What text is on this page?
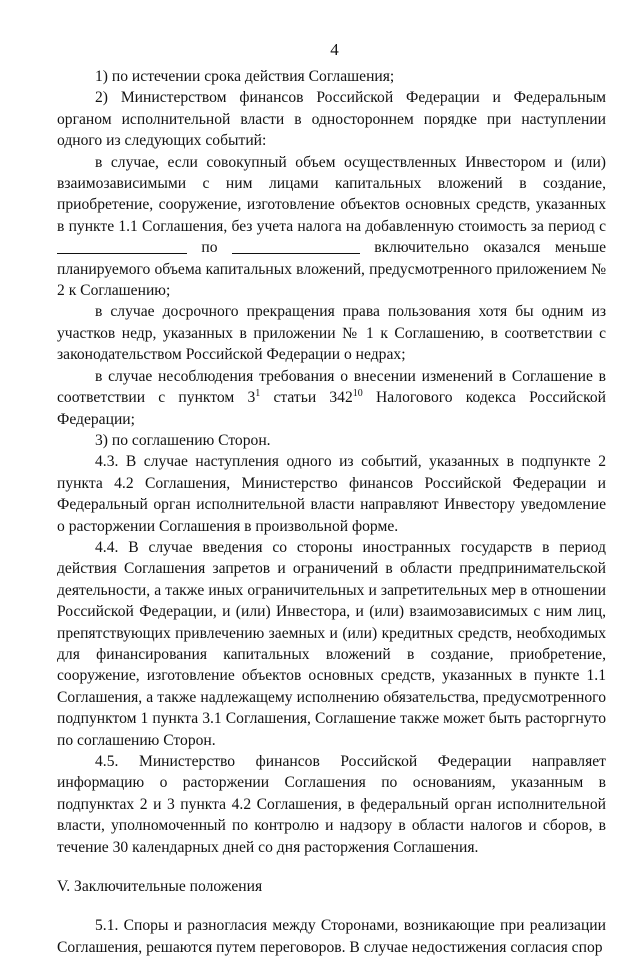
4

1) по истечении срока действия Соглашения;

2) Министерством финансов Российской Федерации и Федеральным органом исполнительной власти в одностороннем порядке при наступлении одного из следующих событий:

в случае, если совокупный объем осуществленных Инвестором и (или) взаимозависимыми с ним лицами капитальных вложений в создание, приобретение, сооружение, изготовление объектов основных средств, указанных в пункте 1.1 Соглашения, без учета налога на добавленную стоимость за период с  по	включительно оказался меньше планируемого объема капитальных вложений, предусмотренного приложением № 2 к Соглашению;

в случае досрочного прекращения права пользования хотя бы одним из участков недр, указанных в приложении № 1 к Соглашению, в соответствии с законодательством Российской Федерации о недрах;

в случае несоблюдения требования о внесении изменений в Соглашение в соответствии с пунктом $3^1$ статьи $342^{10}$ Налогового кодекса Российской Федерации;

3) по соглашению Сторон.

4.3. В случае наступления одного из событий, указанных в подпункте 2 пункта 4.2 Соглашения, Министерство финансов Российской Федерации и Федеральный орган исполнительной власти направляют Инвестору уведомление о расторжении Соглашения в произвольной форме.

4.4. В случае введения со стороны иностранных государств в период действия Соглашения запретов и ограничений в области предпринимательской деятельности, а также иных ограничительных и запретительных мер в отношении Российской Федерации, и (или) Инвестора, и (или) взаимозависимых с ним лиц, препятствующих привлечению заемных и (или) кредитных средств, необходимых для финансирования капитальных вложений в создание, приобретение, сооружение, изготовление объектов основных средств, указанных в пункте 1.1 Соглашения, а также надлежащему исполнению обязательства, предусмотренного подпунктом 1 пункта 3.1 Соглашения, Соглашение также может быть расторгнуто по соглашению Сторон.

4.5. Министерство финансов Российской Федерации направляет информацию о расторжении Соглашения по основаниям, указанным в подпунктах 2 и 3 пункта 4.2 Соглашения, в федеральный орган исполнительной власти, уполномоченный по контролю и надзору в области налогов и сборов, в течение 30 календарных дней со дня расторжения Соглашения.

V. Заключительные положения

5.1. Споры и разногласия между Сторонами, возникающие при реализации Соглашения, решаются путем переговоров. В случае недостижения согласия спор
